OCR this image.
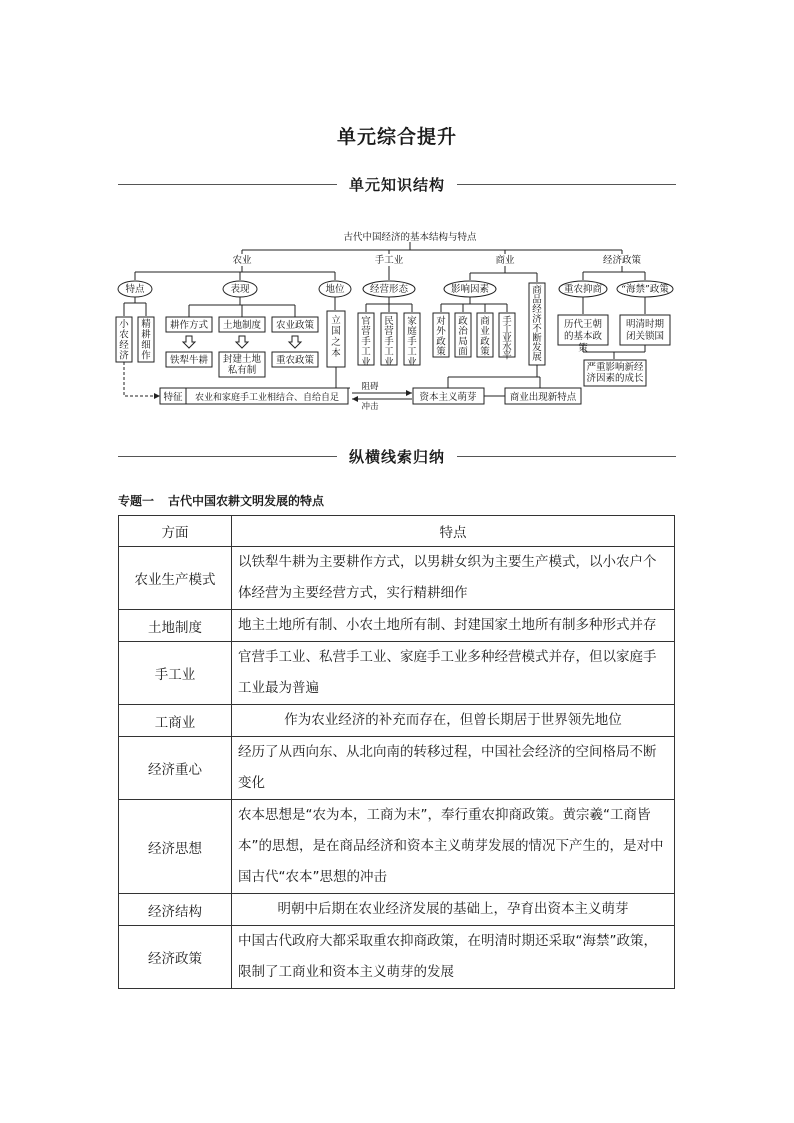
单元综合提升
单元知识结构
古代中国经济的基本结构与特点
农业	手工业	商业	经济政策
特点	表现	地位	经营形态	影响因素	重农抑商 “海禁”政策
耕作方式 土地制度 农业政策
铁犁牛耕	重农政策
商业出现新特点
资本主义萌芽
特征 农业和家庭手工业相结合、自给自足
阻碍
冲击
小农经济
精耕细作
立国之本
官营手工业
民营手工业
家庭手工业
对外政策
政治局面
商业政策
手工业水平
商品经济不断发展
封建土地私有制
历代王朝的基本政策
明清时期闭关锁国
严重影响新经济因素的成长
纵横线索归纳
专题一 古代中国农耕文明发展的特点
方面	特点
农业生产模式	以铁犁牛耕为主要耕作方式，以男耕女织为主要生产模式，以小农户个体经营为主要经营方式，实行精耕细作
土地制度	地主土地所有制、小农土地所有制、封建国家土地所有制多种形式并存
手工业	官营手工业、私营手工业、家庭手工业多种经营模式并存，但以家庭手工业最为普遍
工商业	作为农业经济的补充而存在，但曾长期居于世界领先地位
经济重心	经历了从西向东、从北向南的转移过程，中国社会经济的空间格局不断变化
经济思想	农本思想是“农为本，工商为末”，奉行重农抑商政策。黄宗羲“工商皆本”的思想，是在商品经济和资本主义萌芽发展的情况下产生的，是对中国古代“农本”思想的冲击
经济结构	明朝中后期在农业经济发展的基础上，孕育出资本主义萌芽
经济政策	中国古代政府大都采取重农抑商政策，在明清时期还采取“海禁”政策，限制了工商业和资本主义萌芽的发展
